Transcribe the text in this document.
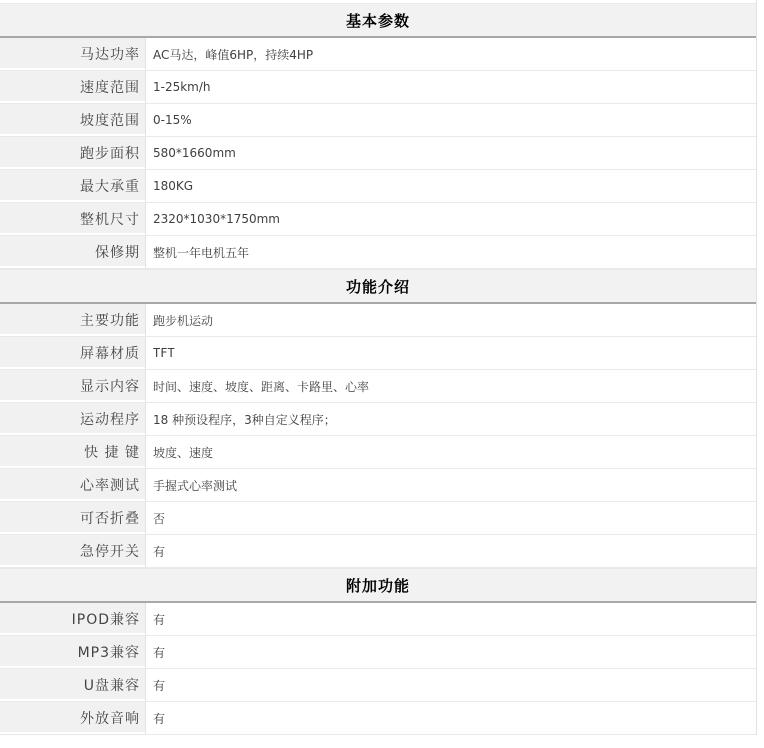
基本参数
马达功率	AC马达，峰值6HP，持续4HP
速度范围	1-25km/h
坡度范围	0-15%
跑步面积	580*1660mm
最大承重	180KG
整机尺寸	2320*1030*1750mm
保修期	整机一年电机五年
功能介绍
主要功能	跑步机运动
屏幕材质	TFT
显示内容	时间、速度、坡度、距离、卡路里、心率
运动程序	18 种预设程序，3种自定义程序；
快 捷 键	坡度、速度
心率测试	手握式心率测试
可否折叠	否
急停开关	有
附加功能
IPOD兼容	有
MP3兼容	有
U盘兼容	有
外放音响	有
